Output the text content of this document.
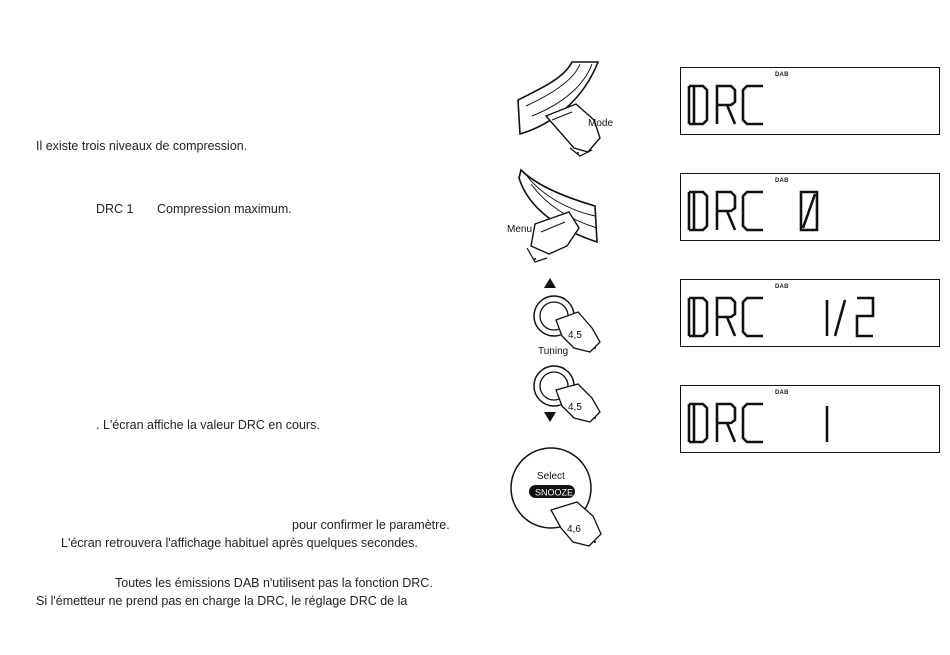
Il existe trois niveaux de compression.
DRC 1 Compression maximum.
. L'écran affiche la valeur DRC en cours.
pour confirmer le paramètre.
L'écran retrouvera l'affichage habituel après quelques secondes.
Toutes les émissions DAB n'utilisent pas la fonction DRC.
Si l'émetteur ne prend pas en charge la DRC, le réglage DRC de la
Mode
Menu
4,5
Tuning
4,5
Select
SNOOZE
4,6
DAB
DAB
DAB
DAB
